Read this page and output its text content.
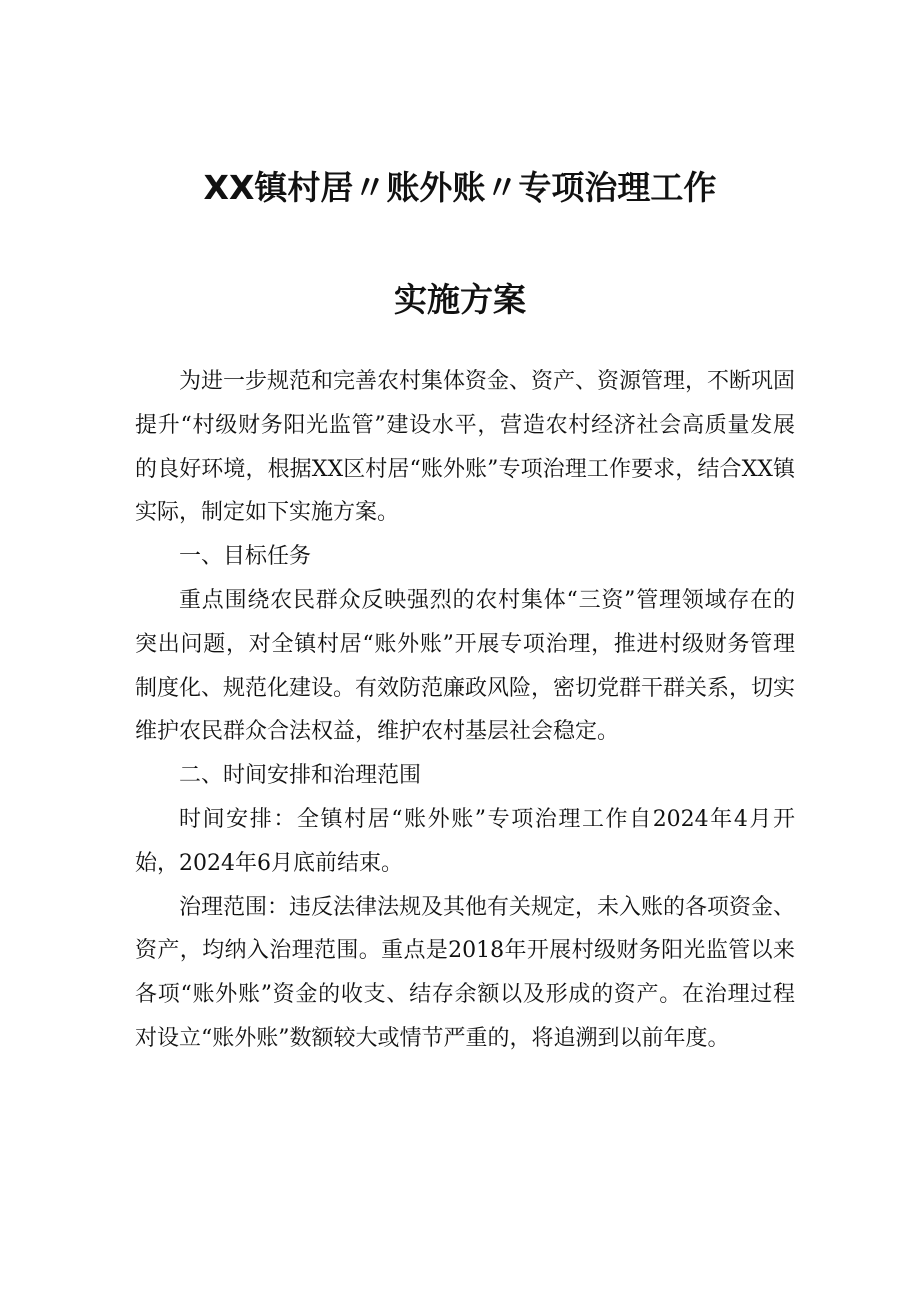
XX镇村居〃账外账〃专项治理工作
实施方案

为进一步规范和完善农村集体资金、资产、资源管理，不断巩固提升“村级财务阳光监管”建设水平，营造农村经济社会高质量发展的良好环境，根据XX区村居“账外账”专项治理工作要求，结合XX镇实际，制定如下实施方案。

一、目标任务

重点围绕农民群众反映强烈的农村集体“三资”管理领域存在的突出问题，对全镇村居“账外账”开展专项治理，推进村级财务管理制度化、规范化建设。有效防范廉政风险，密切党群干群关系，切实维护农民群众合法权益，维护农村基层社会稳定。

二、时间安排和治理范围

时间安排：全镇村居“账外账”专项治理工作自2024年4月开始，2024年6月底前结束。

治理范围：违反法律法规及其他有关规定，未入账的各项资金、资产，均纳入治理范围。重点是2018年开展村级财务阳光监管以来各项“账外账”资金的收支、结存余额以及形成的资产。在治理过程对设立“账外账”数额较大或情节严重的，将追溯到以前年度。
